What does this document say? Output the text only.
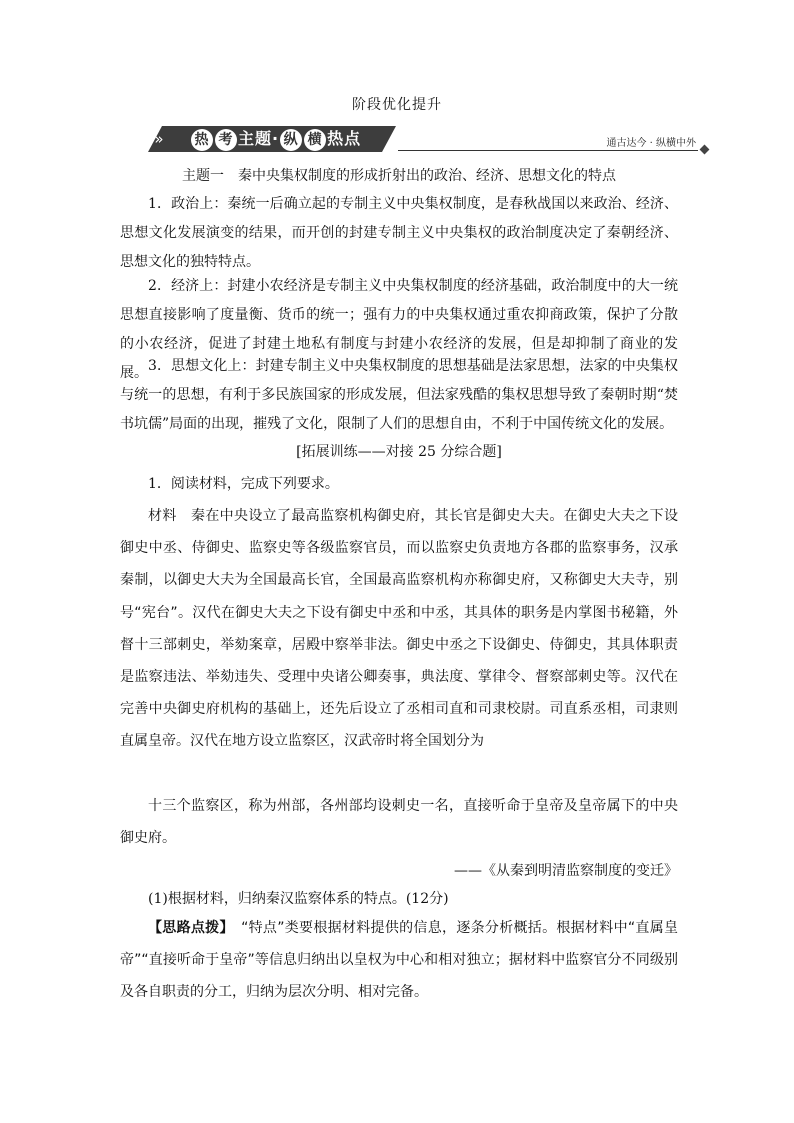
阶段优化提升
»	热 考 主题· 纵 横 热点	通古达今 · 纵横中外
主题一　秦中央集权制度的形成折射出的政治、经济、思想文化的特点
1．政治上：秦统一后确立起的专制主义中央集权制度，是春秋战国以来政治、经济、思想文化发展演变的结果，而开创的封建专制主义中央集权的政治制度决定了秦朝经济、思想文化的独特特点。
2．经济上：封建小农经济是专制主义中央集权制度的经济基础，政治制度中的大一统思想直接影响了度量衡、货币的统一；强有力的中央集权通过重农抑商政策，保护了分散的小农经济，促进了封建土地私有制度与封建小农经济的发展，但是却抑制了商业的发展。 3．思想文化上：封建专制主义中央集权制度的思想基础是法家思想，法家的中央集权与统一的思想，有利于多民族国家的形成发展，但法家残酷的集权思想导致了秦朝时期“焚书坑儒”局面的出现，摧残了文化，限制了人们的思想自由，不利于中国传统文化的发展。
[拓展训练——对接 25 分综合题]
1．阅读材料，完成下列要求。
材料　 秦在中央设立了最高监察机构御史府，其长官是御史大夫。在御史大夫之下设御史中丞、侍御史、监察史等各级监察官员，而以监察史负责地方各郡的监察事务，汉承秦制，以御史大夫为全国最高长官，全国最高监察机构亦称御史府，又称御史大夫寺，别号“宪台”。汉代在御史大夫之下设有御史中丞和中丞，其具体的职务是内掌图书秘籍，外督十三部刺史，举劾案章，居殿中察举非法。御史中丞之下设御史、侍御史，其具体职责是监察违法、举劾违失、受理中央诸公卿奏事，典法度、掌律令、督察部刺史等。汉代在完善中央御史府机构的基础上，还先后设立了丞相司直和司隶校尉。司直系丞相，司隶则直属皇帝。汉代在地方设立监察区，汉武帝时将全国划分为
十三个监察区，称为州部，各州部均设刺史一名，直接听命于皇帝及皇帝属下的中央御史府。
——《从秦到明清监察制度的变迁》
(1)根据材料，归纳秦汉监察体系的特点。(12分)
【思路点拨】　 “特点”类要根据材料提供的信息，逐条分析概括。根据材料中“直属皇帝”“直接听命于皇帝”等信息归纳出以皇权为中心和相对独立；据材料中监察官分不同级别及各自职责的分工，归纳为层次分明、相对完备。
